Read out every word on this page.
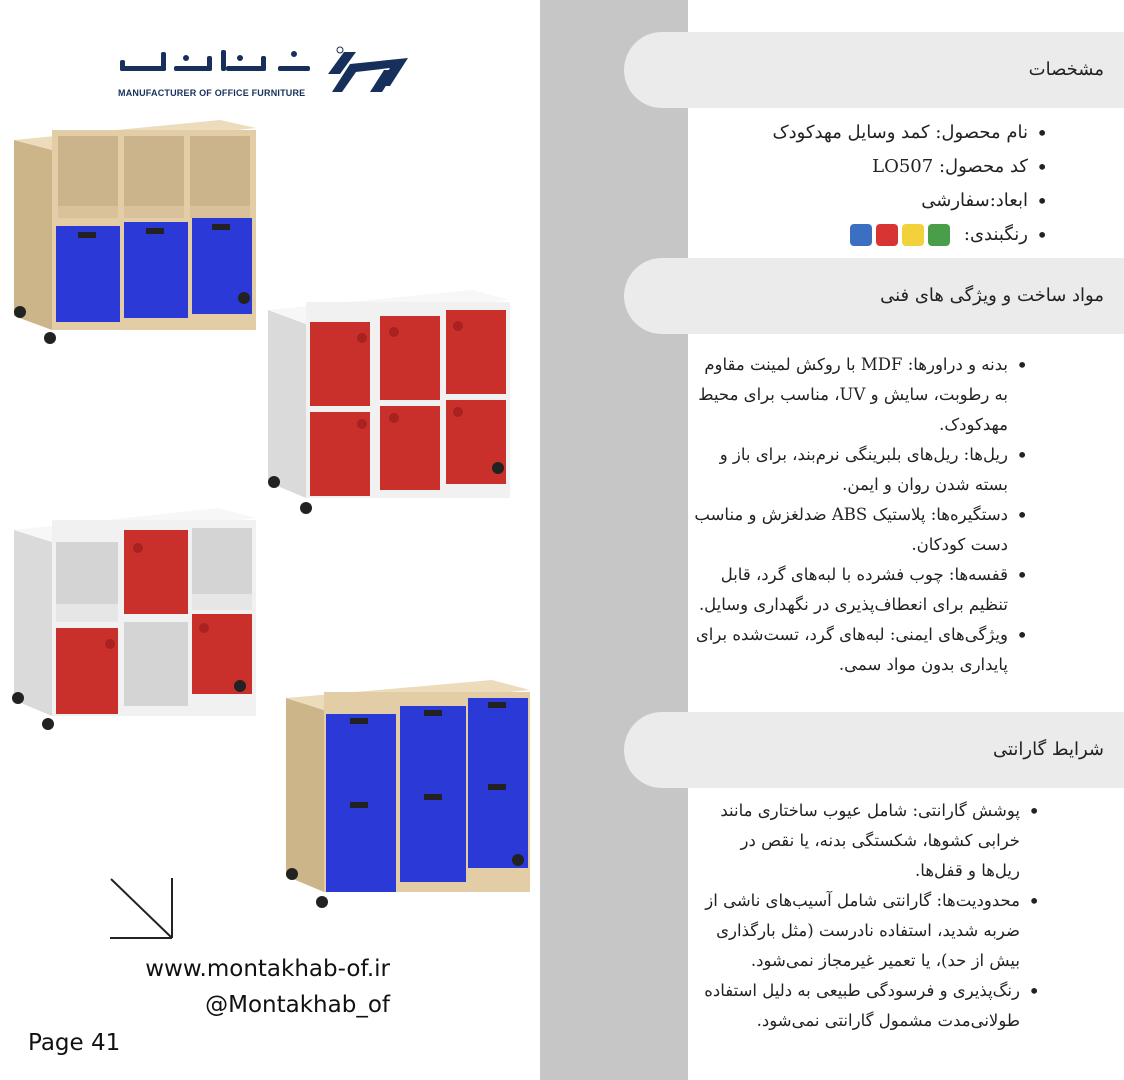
MANUFACTURER OF OFFICE FURNITURE
www.montakhab-of.ir
@Montakhab_of
Page 41
مشخصات
• نام محصول: کمد وسایل مهدکودک
• کد محصول: LO507
• ابعاد:سفارشی
• رنگبندی:
مواد ساخت و ویژگی های فنی
• بدنه و دراورها: MDF با روکش لمینت مقاوم به رطوبت، سایش و UV، مناسب برای محیط مهدکودک.
• ریل‌ها: ریل‌های بلبرینگی نرم‌بند، برای باز و بسته شدن روان و ایمن.
• دستگیره‌ها: پلاستیک ABS ضدلغزش و مناسب دست کودکان.
• قفسه‌ها: چوب فشرده با لبه‌های گرد، قابل تنظیم برای انعطاف‌پذیری در نگهداری وسایل.
• ویژگی‌های ایمنی: لبه‌های گرد، تست‌شده برای پایداری بدون مواد سمی.
شرایط گارانتی
• پوشش گارانتی: شامل عیوب ساختاری مانند خرابی کشوها، شکستگی بدنه، یا نقص در ریل‌ها و قفل‌ها.
• محدودیت‌ها: گارانتی شامل آسیب‌های ناشی از ضربه شدید، استفاده نادرست (مثل بارگذاری بیش از حد)، یا تعمیر غیرمجاز نمی‌شود.
• رنگ‌پذیری و فرسودگی طبیعی به دلیل استفاده طولانی‌مدت مشمول گارانتی نمی‌شود.
